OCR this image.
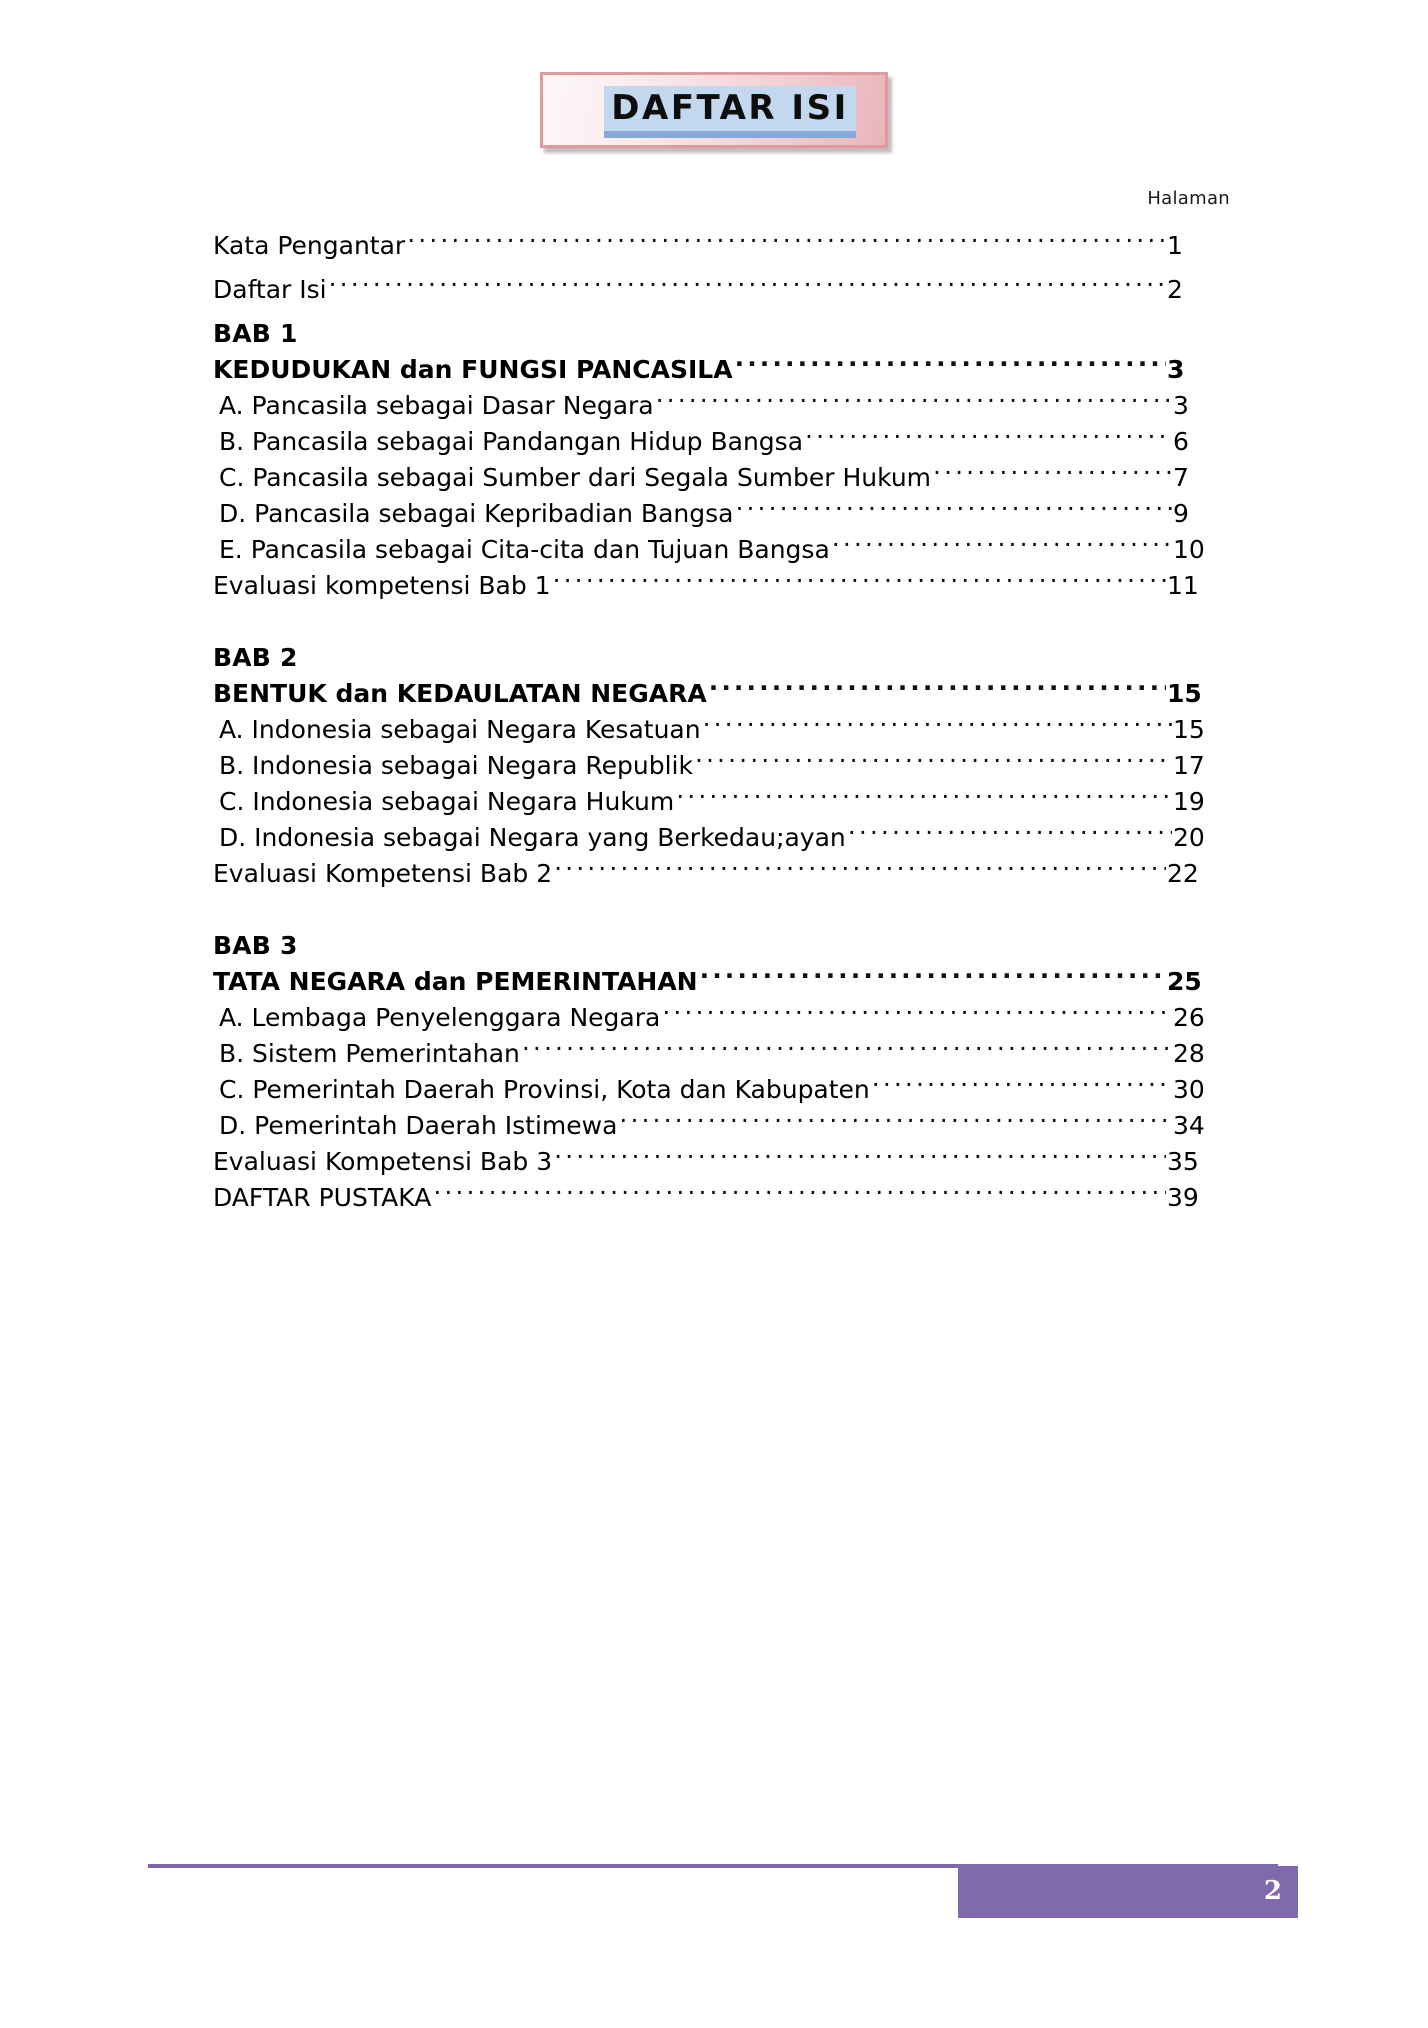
DAFTAR ISI
Halaman
Kata Pengantar .....	1
Daftar Isi .....	2
BAB 1
KEDUDUKAN dan FUNGSI PANCASILA .....	3
A. Pancasila sebagai Dasar Negara .....	3
B. Pancasila sebagai Pandangan Hidup Bangsa .....	6
C. Pancasila sebagai Sumber dari Segala Sumber Hukum .....	7
D. Pancasila sebagai Kepribadian Bangsa .....	9
E. Pancasila sebagai Cita-cita dan Tujuan Bangsa .....	10
Evaluasi kompetensi Bab 1 .....	11
BAB 2
BENTUK dan KEDAULATAN NEGARA .....	15
A. Indonesia sebagai Negara Kesatuan .....	15
B. Indonesia sebagai Negara Republik .....	17
C. Indonesia sebagai Negara Hukum .....	19
D. Indonesia sebagai Negara yang Berkedau;ayan .....	20
Evaluasi Kompetensi Bab 2 .....	22
BAB 3
TATA NEGARA dan PEMERINTAHAN .....	25
A. Lembaga Penyelenggara Negara .....	26
B. Sistem Pemerintahan .....	28
C. Pemerintah Daerah Provinsi, Kota dan Kabupaten .....	30
D. Pemerintah Daerah Istimewa .....	34
Evaluasi Kompetensi Bab 3 .....	35
DAFTAR PUSTAKA .....	39
2
